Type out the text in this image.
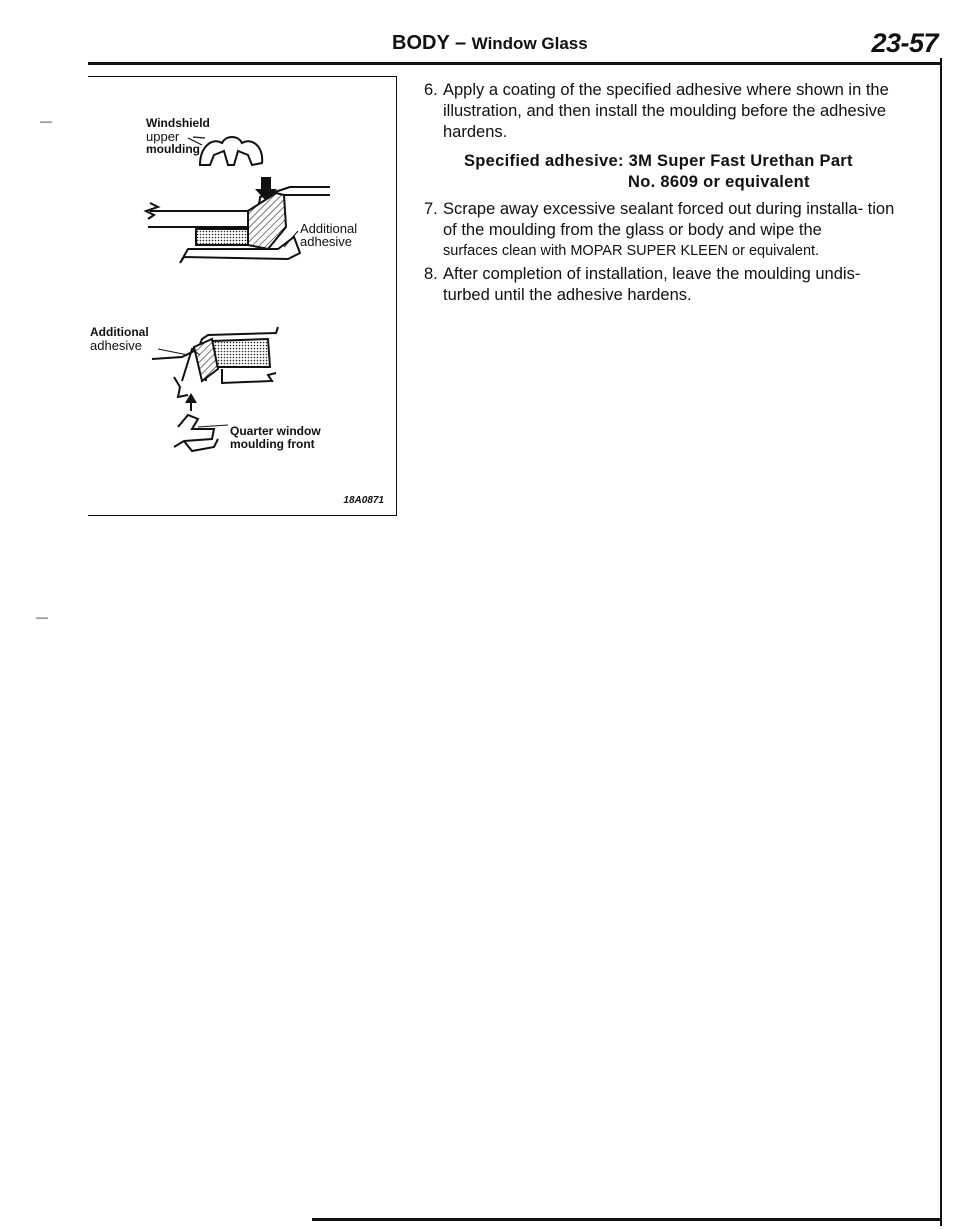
BODY – Window Glass	23-57
—
—
Windshield
upper
moulding
Additional
adhesive
Additional
adhesive
Quarter window
moulding front
18A0871
6. Apply a coating of the specified adhesive where shown in the illustration, and then install the moulding before the adhesive hardens.
Specified adhesive: 3M Super Fast Urethan Part
No. 8609 or equivalent
7. Scrape away excessive sealant forced out during installa- tion of the moulding from the glass or body and wipe the
surfaces clean with MOPAR SUPER KLEEN or equivalent.
8. After completion of installation, leave the moulding undis- turbed until the adhesive hardens.
